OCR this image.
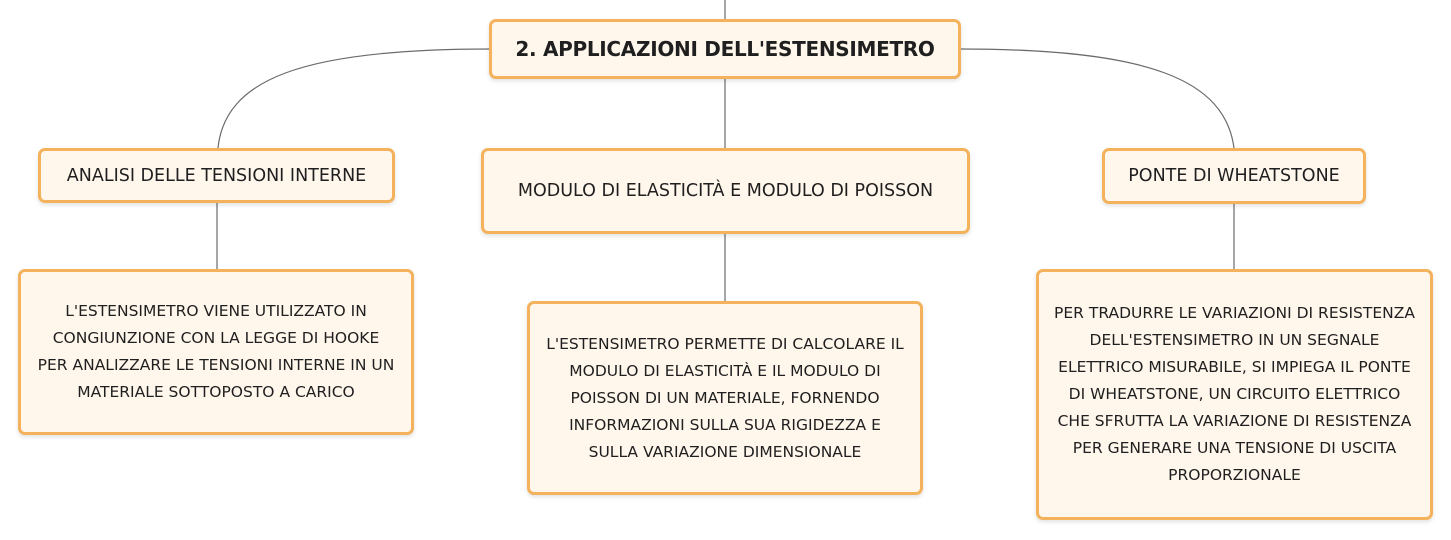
2. APPLICAZIONI DELL'ESTENSIMETRO
ANALISI DELLE TENSIONI INTERNE
MODULO DI ELASTICITÀ E MODULO DI POISSON
PONTE DI WHEATSTONE
L'ESTENSIMETRO VIENE UTILIZZATO IN
CONGIUNZIONE CON LA LEGGE DI HOOKE
PER ANALIZZARE LE TENSIONI INTERNE IN UN
MATERIALE SOTTOPOSTO A CARICO
L'ESTENSIMETRO PERMETTE DI CALCOLARE IL
MODULO DI ELASTICITÀ E IL MODULO DI
POISSON DI UN MATERIALE, FORNENDO
INFORMAZIONI SULLA SUA RIGIDEZZA E
SULLA VARIAZIONE DIMENSIONALE
PER TRADURRE LE VARIAZIONI DI RESISTENZA
DELL'ESTENSIMETRO IN UN SEGNALE
ELETTRICO MISURABILE, SI IMPIEGA IL PONTE
DI WHEATSTONE, UN CIRCUITO ELETTRICO
CHE SFRUTTA LA VARIAZIONE DI RESISTENZA
PER GENERARE UNA TENSIONE DI USCITA
PROPORZIONALE
